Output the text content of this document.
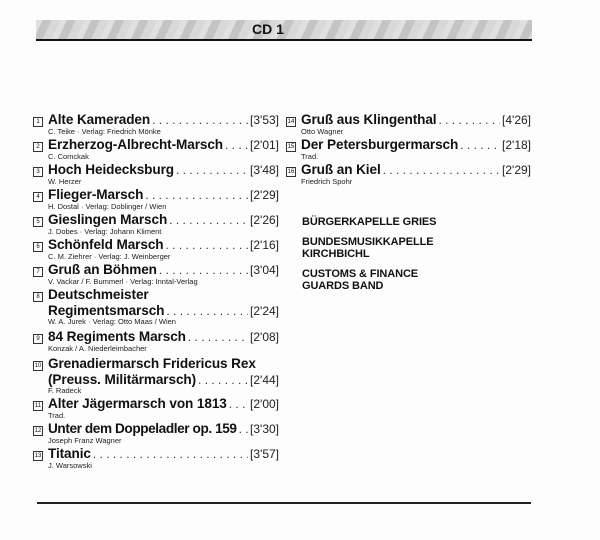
CD 1
1 Alte Kameraden . . .	[3'53]
C. Teike · Verlag: Friedrich Mönke
2 Erzherzog-Albrecht-Marsch . . . [2'01]
C. Comckak
3 Hoch Heidecksburg . . .	[3'48]
W. Herzer
4 Flieger-Marsch . . .	[2'29]
H. Dostal · Verlag: Doblinger / Wien
5 Gieslingen Marsch . . .	[2'26]
J. Dobes · Verlag: Johann Kliment
6 Schönfeld Marsch . . .	[2'16]
C. M. Ziehrer · Verlag: J. Weinberger
7 Gruß an Böhmen . . .	[3'04]
V. Vackar / F. Bummerl · Verlag: Inntal-Verlag
8 Deutschmeister
Regimentsmarsch . . .	[2'24]
W. A. Jurek · Verlag: Otto Maas / Wien
9 84 Regiments Marsch . . .	[2'08]
Konzak / A. Niederleimbacher
10 Grenadiermarsch Fridericus Rex
(Preuss. Militärmarsch) . . .	[2'44]
F. Radeck
11 Alter Jägermarsch von 1813 . . . [2'00]
Trad.
12 Unter dem Doppeladler op. 159 . . . [3'30]
Joseph Franz Wagner
13 Titanic . . .	[3'57]
J. Warsowski
14 Gruß aus Klingenthal . . .	[4'26]
Otto Wagner
15 Der Petersburgermarsch . . .	[2'18]
Trad.
16 Gruß an Kiel . . .	[2'29]
Friedrich Spohr
BÜRGERKAPELLE GRIES
BUNDESMUSIKKAPELLE
KIRCHBICHL
CUSTOMS & FINANCE
GUARDS BAND
